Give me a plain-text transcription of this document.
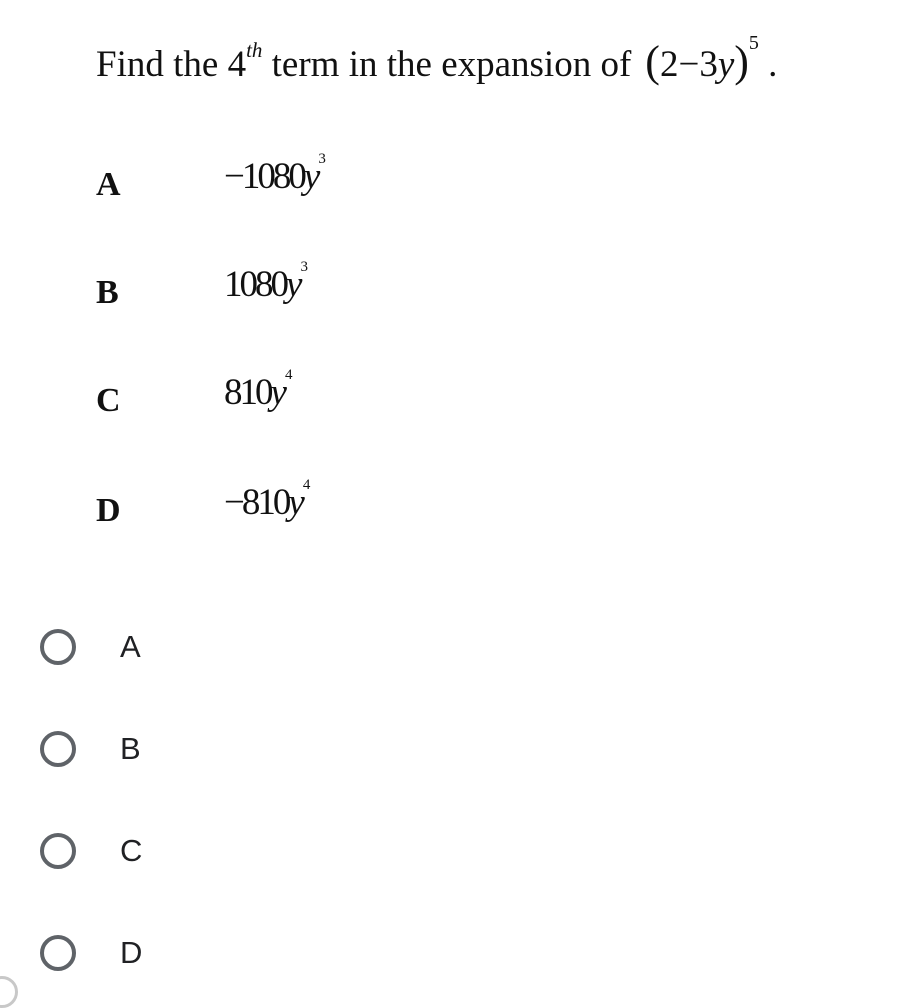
Find the 4th term in the expansion of $(2-3y)^5$ .
A	$-1080y^3$
B	$1080y^3$
C	$810y^4$
D	$-810y^4$
A
B
C
D
